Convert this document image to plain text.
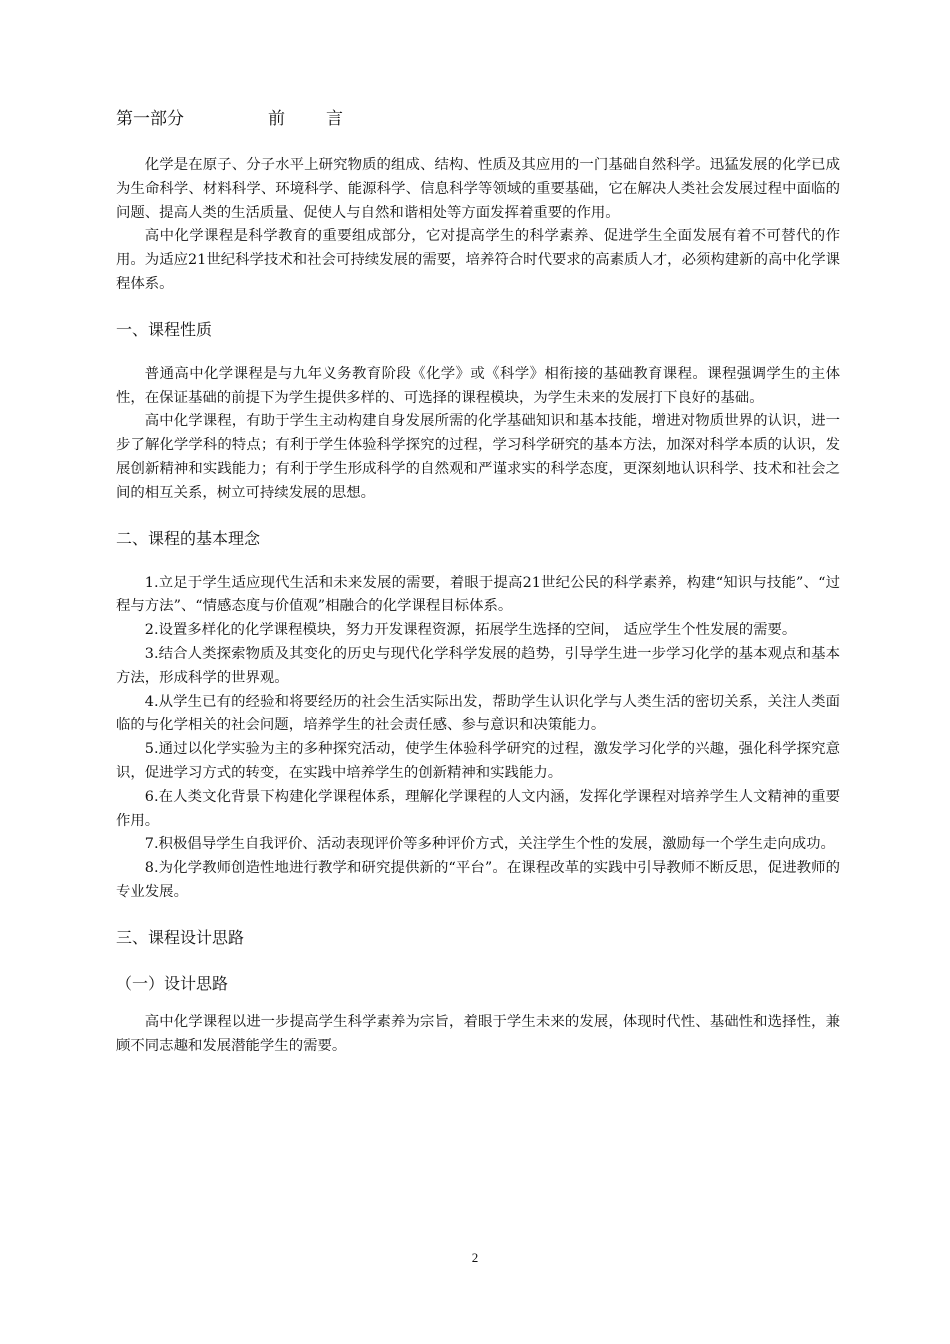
第一部分	前 言

化学是在原子、分子水平上研究物质的组成、结构、性质及其应用的一门基础自然科学。迅猛发展的化学已成为生命科学、材料科学、环境科学、能源科学、信息科学等领域的重要基础，它在解决人类社会发展过程中面临的问题、提高人类的生活质量、促使人与自然和谐相处等方面发挥着重要的作用。

高中化学课程是科学教育的重要组成部分，它对提高学生的科学素养、促进学生全面发展有着不可替代的作用。为适应21世纪科学技术和社会可持续发展的需要，培养符合时代要求的高素质人才，必须构建新的高中化学课程体系。

一、课程性质

普通高中化学课程是与九年义务教育阶段《化学》或《科学》相衔接的基础教育课程。课程强调学生的主体性，在保证基础的前提下为学生提供多样的、可选择的课程模块，为学生未来的发展打下良好的基础。

高中化学课程，有助于学生主动构建自身发展所需的化学基础知识和基本技能，增进对物质世界的认识，进一步了解化学学科的特点；有利于学生体验科学探究的过程，学习科学研究的基本方法，加深对科学本质的认识，发展创新精神和实践能力；有利于学生形成科学的自然观和严谨求实的科学态度，更深刻地认识科学、技术和社会之间的相互关系，树立可持续发展的思想。

二、课程的基本理念

1.立足于学生适应现代生活和未来发展的需要，着眼于提高21世纪公民的科学素养，构建“知识与技能”、“过程与方法”、“情感态度与价值观”相融合的化学课程目标体系。

2.设置多样化的化学课程模块，努力开发课程资源，拓展学生选择的空间， 适应学生个性发展的需要。

3.结合人类探索物质及其变化的历史与现代化学科学发展的趋势，引导学生进一步学习化学的基本观点和基本方法，形成科学的世界观。

4.从学生已有的经验和将要经历的社会生活实际出发，帮助学生认识化学与人类生活的密切关系，关注人类面临的与化学相关的社会问题，培养学生的社会责任感、参与意识和决策能力。

5.通过以化学实验为主的多种探究活动，使学生体验科学研究的过程，激发学习化学的兴趣，强化科学探究意识，促进学习方式的转变，在实践中培养学生的创新精神和实践能力。

6.在人类文化背景下构建化学课程体系，理解化学课程的人文内涵，发挥化学课程对培养学生人文精神的重要作用。

7.积极倡导学生自我评价、活动表现评价等多种评价方式，关注学生个性的发展，激励每一个学生走向成功。

8.为化学教师创造性地进行教学和研究提供新的“平台”。在课程改革的实践中引导教师不断反思，促进教师的专业发展。

三、课程设计思路
（一）设计思路

高中化学课程以进一步提高学生科学素养为宗旨，着眼于学生未来的发展，体现时代性、基础性和选择性，兼顾不同志趣和发展潜能学生的需要。

2
